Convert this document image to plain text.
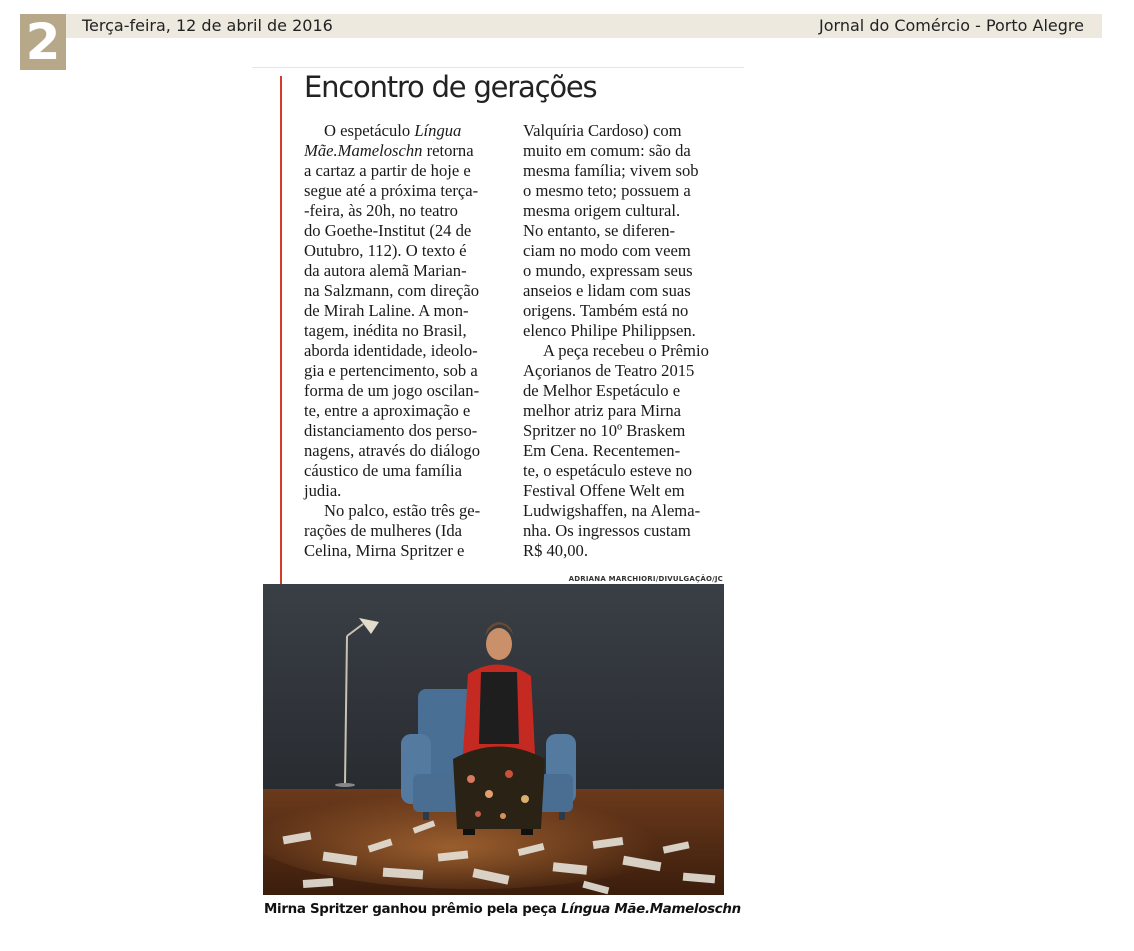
2	Terça-feira, 12 de abril de 2016	Jornal do Comércio - Porto Alegre
Encontro de gerações
O espetáculo Língua
Mãe.Mameloschn retorna
a cartaz a partir de hoje e
segue até a próxima terça-
-feira, às 20h, no teatro
do Goethe-Institut (24 de
Outubro, 112). O texto é
da autora alemã Marian-
na Salzmann, com direção
de Mirah Laline. A mon-
tagem, inédita no Brasil,
aborda identidade, ideolo-
gia e pertencimento, sob a
forma de um jogo oscilan-
te, entre a aproximação e
distanciamento dos perso-
nagens, através do diálogo
cáustico de uma família
judia.
No palco, estão três ge-
rações de mulheres (Ida
Celina, Mirna Spritzer e
Valquíria Cardoso) com
muito em comum: são da
mesma família; vivem sob
o mesmo teto; possuem a
mesma origem cultural.
No entanto, se diferen-
ciam no modo com veem
o mundo, expressam seus
anseios e lidam com suas
origens. Também está no
elenco Philipe Philippsen.
A peça recebeu o Prêmio
Açorianos de Teatro 2015
de Melhor Espetáculo e
melhor atriz para Mirna
Spritzer no 10º Braskem
Em Cena. Recentemen-
te, o espetáculo esteve no
Festival Offene Welt em
Ludwigshaffen, na Alema-
nha. Os ingressos custam
R$ 40,00.
ADRIANA MARCHIORI/DIVULGAÇÃO/JC
Mirna Spritzer ganhou prêmio pela peça Língua Mãe.Mameloschn
